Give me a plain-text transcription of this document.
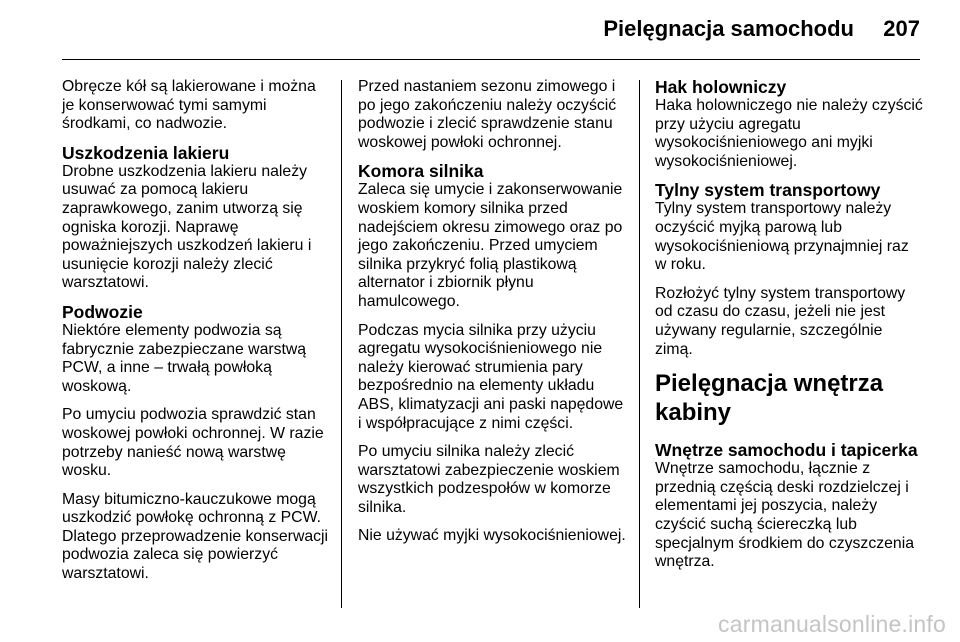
Pielęgnacja samochodu 207

Obręcze kół są lakierowane i można je konserwować tymi samymi środkami, co nadwozie.

Uszkodzenia lakieru

Drobne uszkodzenia lakieru należy usuwać za pomocą lakieru zaprawkowego, zanim utworzą się ogniska korozji. Naprawę poważniejszych uszkodzeń lakieru i usunięcie korozji należy zlecić warsztatowi.

Podwozie

Niektóre elementy podwozia są fabrycznie zabezpieczane warstwą PCW, a inne – trwałą powłoką woskową.

Po umyciu podwozia sprawdzić stan woskowej powłoki ochronnej. W razie potrzeby nanieść nową warstwę wosku.

Masy bitumiczno-kauczukowe mogą uszkodzić powłokę ochronną z PCW. Dlatego przeprowadzenie konserwacji podwozia zaleca się powierzyć warsztatowi.

Przed nastaniem sezonu zimowego i po jego zakończeniu należy oczyścić podwozie i zlecić sprawdzenie stanu woskowej powłoki ochronnej.

Komora silnika

Zaleca się umycie i zakonserwowanie woskiem komory silnika przed nadejściem okresu zimowego oraz po jego zakończeniu. Przed umyciem silnika przykryć folią plastikową alternator i zbiornik płynu hamulcowego.

Podczas mycia silnika przy użyciu agregatu wysokociśnieniowego nie należy kierować strumienia pary bezpośrednio na elementy układu ABS, klimatyzacji ani paski napędowe i współpracujące z nimi części.

Po umyciu silnika należy zlecić warsztatowi zabezpieczenie woskiem wszystkich podzespołów w komorze silnika.

Nie używać myjki wysokociśnieniowej.

Hak holowniczy

Haka holowniczego nie należy czyścić przy użyciu agregatu wysokociśnieniowego ani myjki wysokociśnieniowej.

Tylny system transportowy

Tylny system transportowy należy oczyścić myjką parową lub wysokociśnieniową przynajmniej raz w roku.

Rozłożyć tylny system transportowy od czasu do czasu, jeżeli nie jest używany regularnie, szczególnie zimą.

Pielęgnacja wnętrza kabiny
Wnętrze samochodu i tapicerka

Wnętrze samochodu, łącznie z przednią częścią deski rozdzielczej i elementami jej poszycia, należy czyścić suchą ściereczką lub specjalnym środkiem do czyszczenia wnętrza.

carmanualsonline.info
